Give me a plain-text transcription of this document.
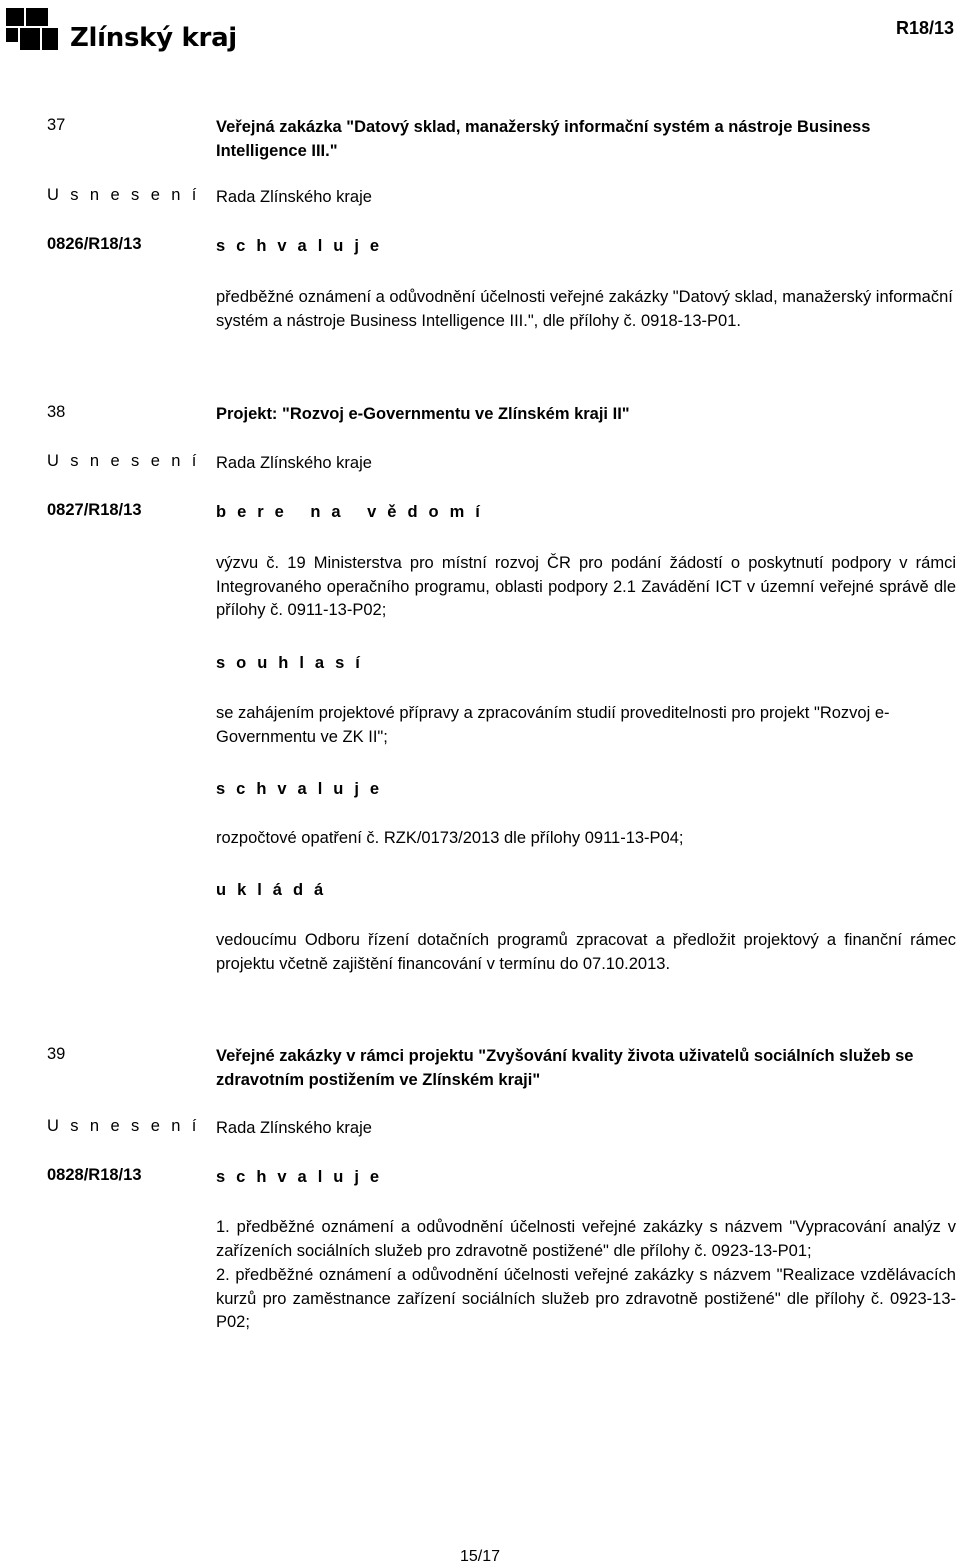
Zlínský kraj	R18/13
37	Veřejná zakázka "Datový sklad, manažerský informační systém a nástroje Business Intelligence III."
U s n e s e n í Rada Zlínského kraje
0826/R18/13	s c h v a l u j e
předběžné oznámení a odůvodnění účelnosti veřejné zakázky "Datový sklad, manažerský informační systém a nástroje Business Intelligence III.", dle přílohy č. 0918-13-P01.
38	Projekt: "Rozvoj e-Governmentu ve Zlínském kraji II"
U s n e s e n í Rada Zlínského kraje
0827/R18/13	b e r e   n a   v ě d o m í
výzvu č. 19 Ministerstva pro místní rozvoj ČR pro podání žádostí o poskytnutí podpory v rámci Integrovaného operačního programu, oblasti podpory 2.1 Zavádění ICT v územní veřejné správě dle přílohy č. 0911-13-P02;
s o u h l a s í
se zahájením projektové přípravy a zpracováním studií proveditelnosti pro projekt "Rozvoj e-Governmentu ve ZK II";
s c h v a l u j e
rozpočtové opatření č. RZK/0173/2013 dle přílohy 0911-13-P04;
u k l á d á
vedoucímu Odboru řízení dotačních programů zpracovat a předložit projektový a finanční rámec projektu včetně zajištění financování v termínu do 07.10.2013.
39	Veřejné zakázky v rámci projektu "Zvyšování kvality života uživatelů sociálních služeb se zdravotním postižením ve Zlínském kraji"
U s n e s e n í Rada Zlínského kraje
0828/R18/13	s c h v a l u j e
1. předběžné oznámení a odůvodnění účelnosti veřejné zakázky s názvem "Vypracování analýz v zařízeních sociálních služeb pro zdravotně postižené" dle přílohy č. 0923-13-P01;
2. předběžné oznámení a odůvodnění účelnosti veřejné zakázky s názvem "Realizace vzdělávacích kurzů pro zaměstnance zařízení sociálních služeb pro zdravotně postižené" dle přílohy č. 0923-13-P02;
15/17
